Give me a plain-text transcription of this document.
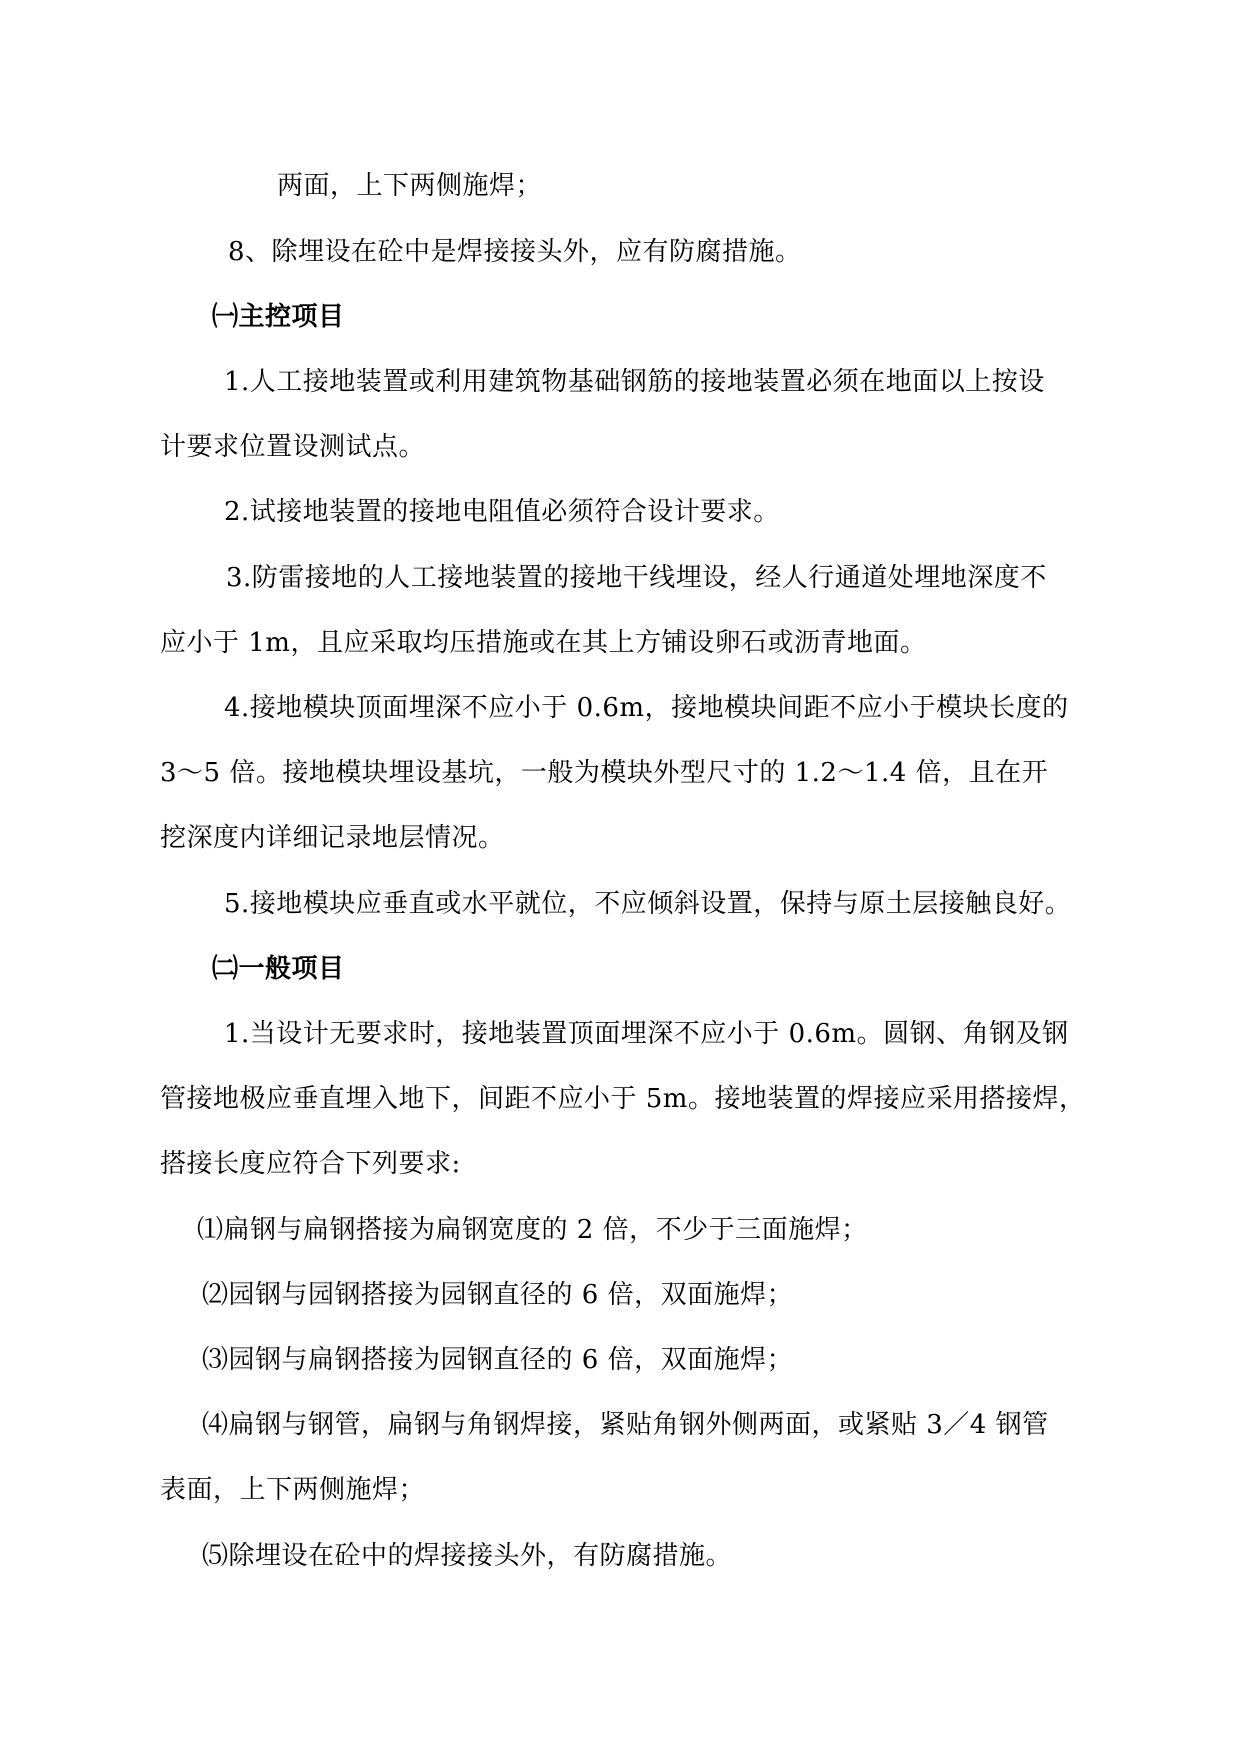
两面，上下两侧施焊；
8、除埋设在砼中是焊接接头外，应有防腐措施。
㈠主控项目
1.人工接地装置或利用建筑物基础钢筋的接地装置必须在地面以上按设
计要求位置设测试点。
2.试接地装置的接地电阻值必须符合设计要求。
3.防雷接地的人工接地装置的接地干线埋设，经人行通道处埋地深度不
应小于 1m，且应采取均压措施或在其上方铺设卵石或沥青地面。
4.接地模块顶面埋深不应小于 0.6m，接地模块间距不应小于模块长度的
3～5 倍。接地模块埋设基坑，一般为模块外型尺寸的 1.2～1.4 倍，且在开
挖深度内详细记录地层情况。
5.接地模块应垂直或水平就位，不应倾斜设置，保持与原土层接触良好。
㈡一般项目
1.当设计无要求时，接地装置顶面埋深不应小于 0.6m。圆钢、角钢及钢
管接地极应垂直埋入地下，间距不应小于 5m。接地装置的焊接应采用搭接焊，
搭接长度应符合下列要求:
⑴扁钢与扁钢搭接为扁钢宽度的 2 倍，不少于三面施焊；
⑵园钢与园钢搭接为园钢直径的 6 倍，双面施焊；
⑶园钢与扁钢搭接为园钢直径的 6 倍，双面施焊；
⑷扁钢与钢管，扁钢与角钢焊接，紧贴角钢外侧两面，或紧贴 3／4 钢管
表面，上下两侧施焊；
⑸除埋设在砼中的焊接接头外，有防腐措施。
